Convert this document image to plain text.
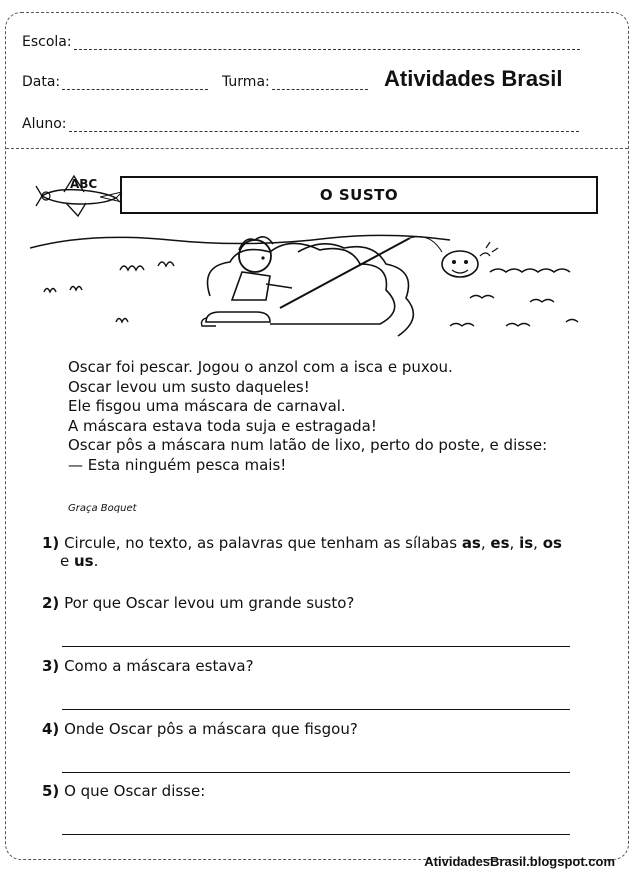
Escola:
Data:	Turma:	Atividades Brasil
Aluno:
ABC
O SUSTO
Oscar foi pescar. Jogou o anzol com a isca e puxou.
Oscar levou um susto daqueles!
Ele fisgou uma máscara de carnaval.
A máscara estava toda suja e estragada!
Oscar pôs a máscara num latão de lixo, perto do poste, e disse:
— Esta ninguém pesca mais!
Graça Boquet
1) Circule, no texto, as palavras que tenham as sílabas as, es, is, os
e us.
2) Por que Oscar levou um grande susto?
3) Como a máscara estava?
4) Onde Oscar pôs a máscara que fisgou?
5) O que Oscar disse:
AtividadesBrasil.blogspot.com
